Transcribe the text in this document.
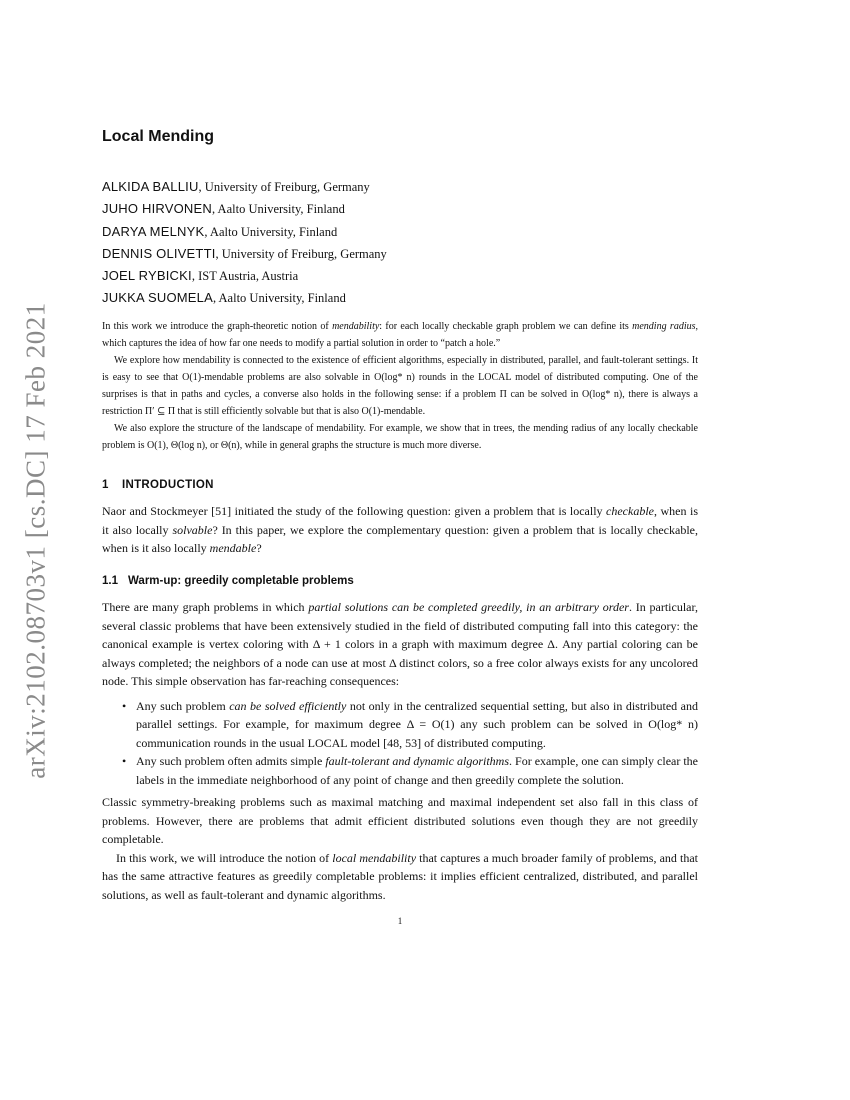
arXiv:2102.08703v1 [cs.DC] 17 Feb 2021
Local Mending
ALKIDA BALLIU, University of Freiburg, Germany
JUHO HIRVONEN, Aalto University, Finland
DARYA MELNYK, Aalto University, Finland
DENNIS OLIVETTI, University of Freiburg, Germany
JOEL RYBICKI, IST Austria, Austria
JUKKA SUOMELA, Aalto University, Finland

In this work we introduce the graph-theoretic notion of mendability: for each locally checkable graph problem we can define its mending radius, which captures the idea of how far one needs to modify a partial solution in order to “patch a hole.”

We explore how mendability is connected to the existence of efficient algorithms, especially in distributed, parallel, and fault-tolerant settings. It is easy to see that O(1)-mendable problems are also solvable in O(log* n) rounds in the LOCAL model of distributed computing. One of the surprises is that in paths and cycles, a converse also holds in the following sense: if a problem Π can be solved in O(log* n), there is always a restriction Π′ ⊆ Π that is still efficiently solvable but that is also O(1)-mendable.

We also explore the structure of the landscape of mendability. For example, we show that in trees, the mending radius of any locally checkable problem is O(1), Θ(log n), or Θ(n), while in general graphs the structure is much more diverse.

1 INTRODUCTION

Naor and Stockmeyer [51] initiated the study of the following question: given a problem that is locally checkable, when is it also locally solvable? In this paper, we explore the complementary question: given a problem that is locally checkable, when is it also locally mendable?

1.1 Warm-up: greedily completable problems

There are many graph problems in which partial solutions can be completed greedily, in an arbitrary order. In particular, several classic problems that have been extensively studied in the field of distributed computing fall into this category: the canonical example is vertex coloring with Δ + 1 colors in a graph with maximum degree Δ. Any partial coloring can be always completed; the neighbors of a node can use at most Δ distinct colors, so a free color always exists for any uncolored node. This simple observation has far-reaching consequences:

• Any such problem can be solved efficiently not only in the centralized sequential setting, but also in distributed and parallel settings. For example, for maximum degree Δ = O(1) any such problem can be solved in O(log* n) communication rounds in the usual LOCAL model [48, 53] of distributed computing.
• Any such problem often admits simple fault-tolerant and dynamic algorithms. For example, one can simply clear the labels in the immediate neighborhood of any point of change and then greedily complete the solution.

Classic symmetry-breaking problems such as maximal matching and maximal independent set also fall in this class of problems. However, there are problems that admit efficient distributed solutions even though they are not greedily completable.

In this work, we will introduce the notion of local mendability that captures a much broader family of problems, and that has the same attractive features as greedily completable problems: it implies efficient centralized, distributed, and parallel solutions, as well as fault-tolerant and dynamic algorithms.

1
